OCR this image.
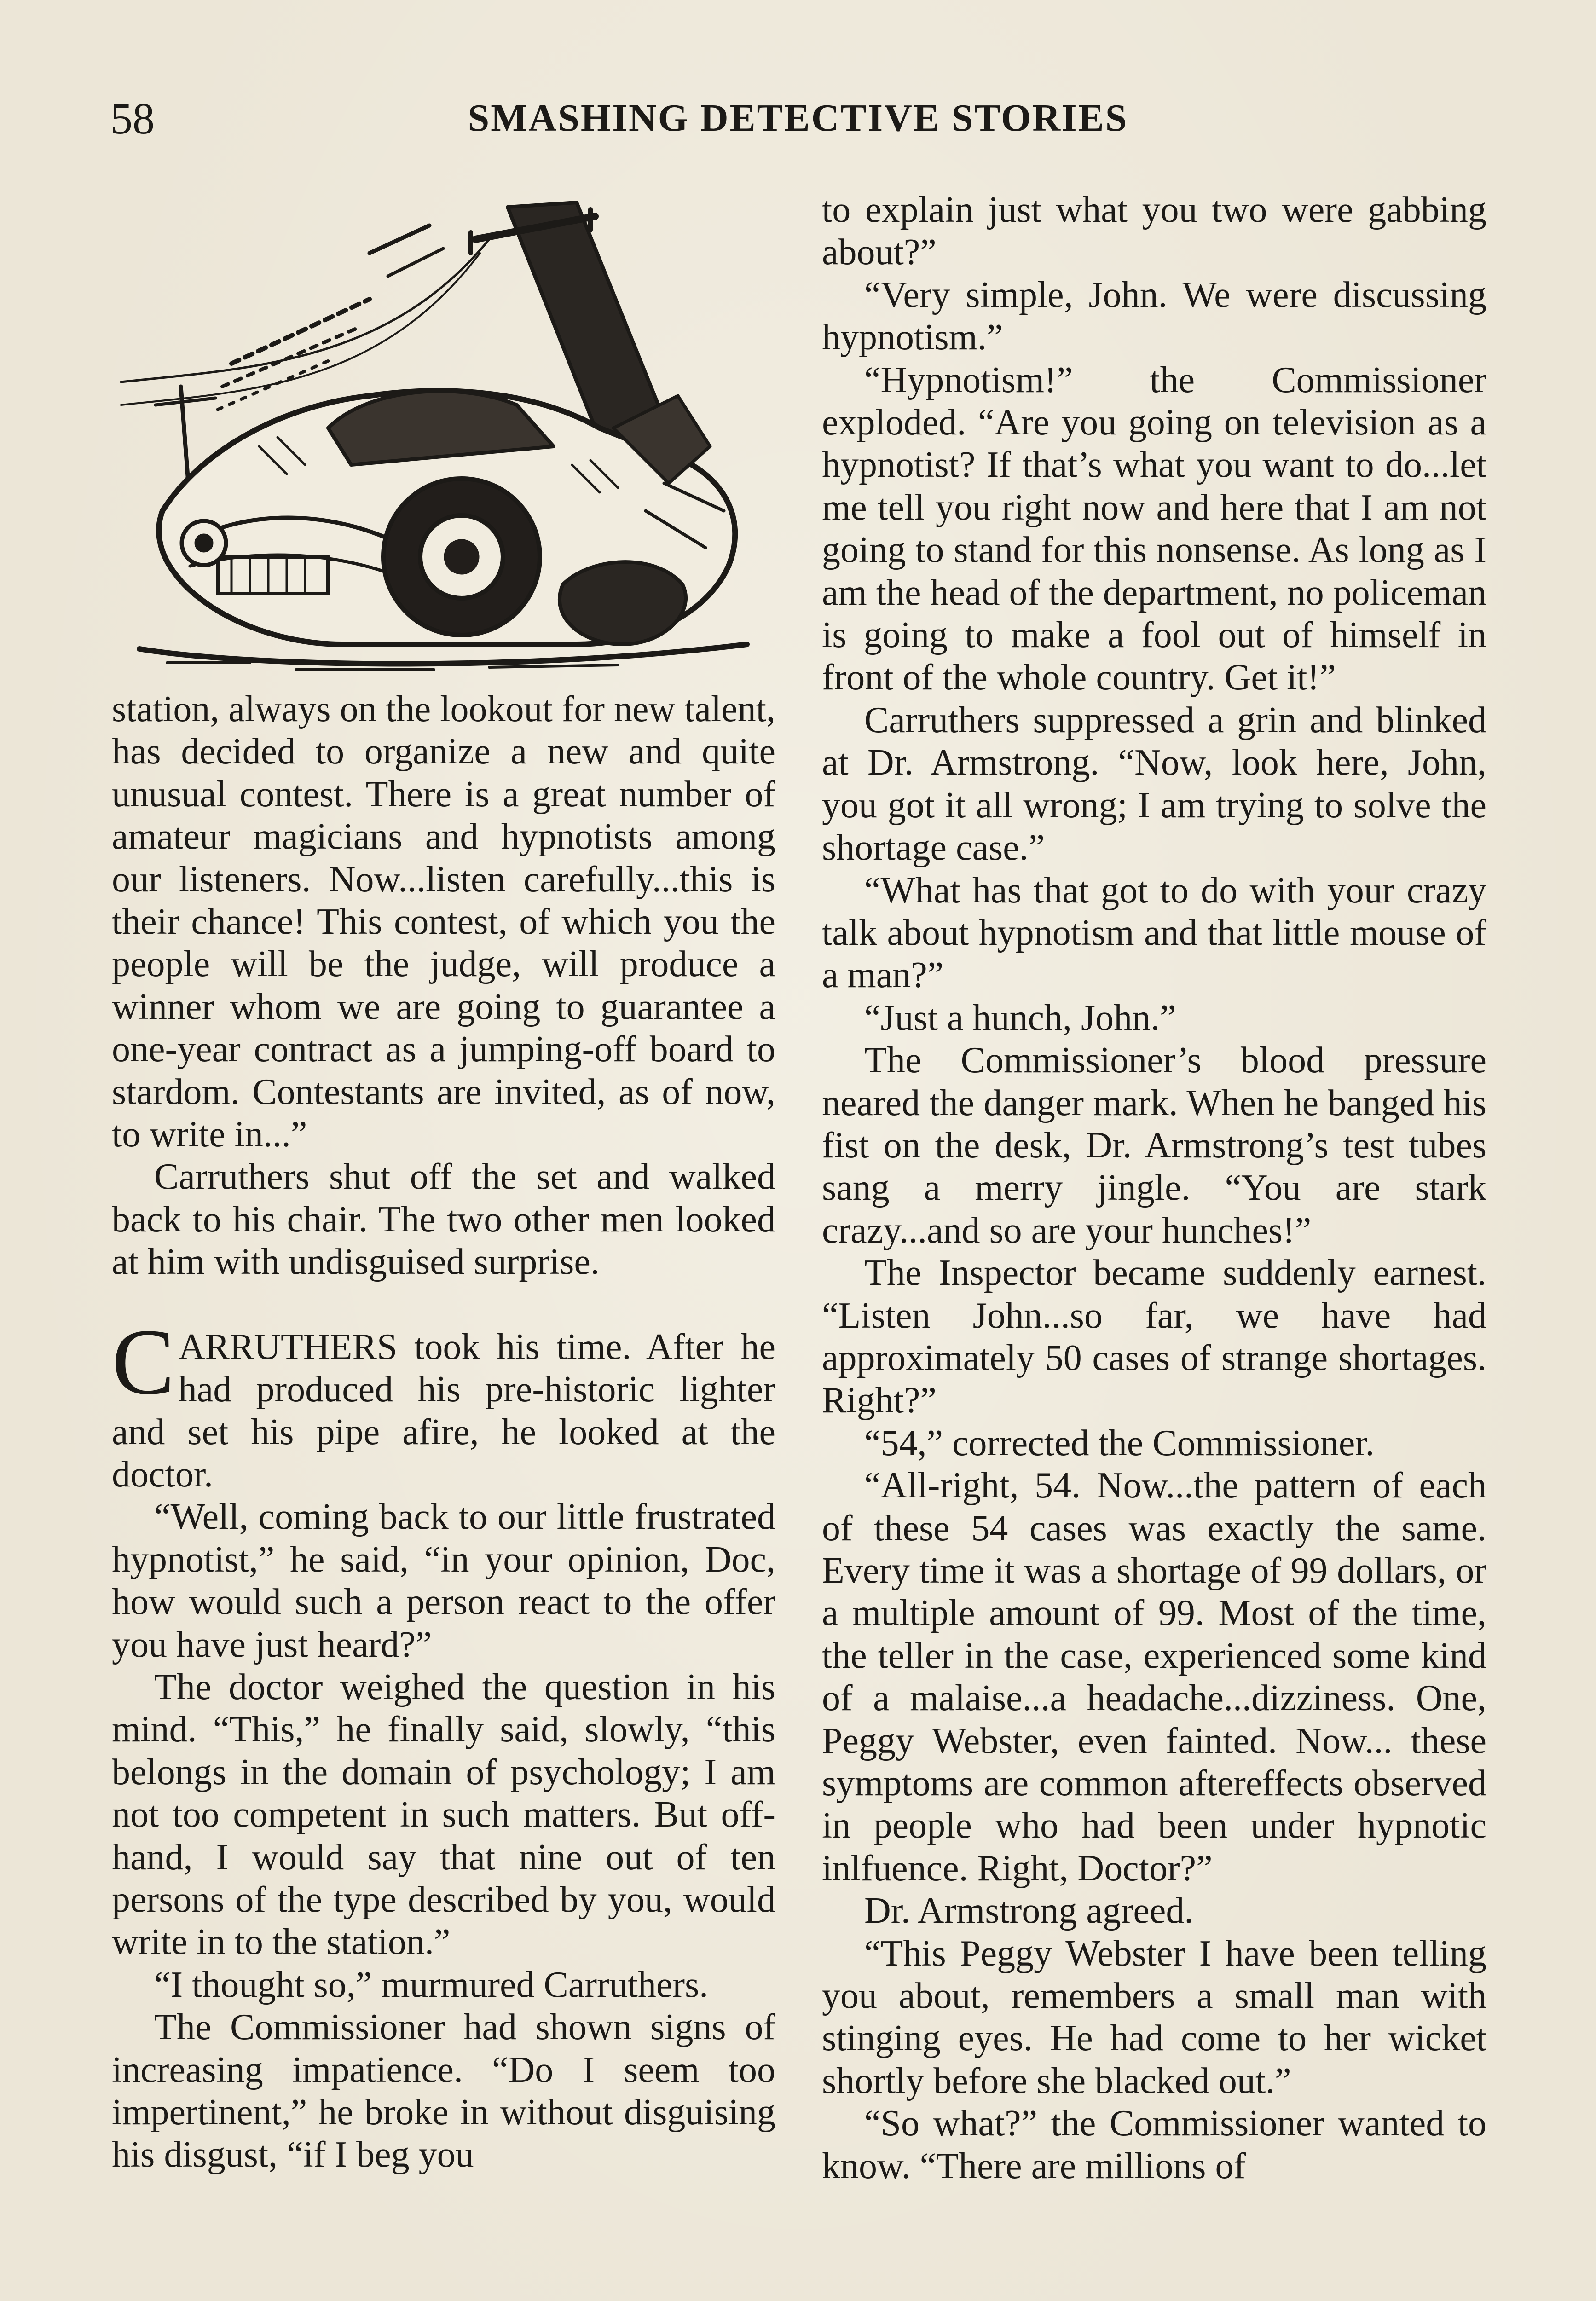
58	SMASHING DETECTIVE STORIES

station, always on the lookout for new talent, has decided to organize a new and quite unusual contest. There is a great number of amateur magicians and hypnotists among our listeners. Now...listen carefully...this is their chance! This contest, of which you the people will be the judge, will produce a winner whom we are going to guarantee a one-year contract as a jumping-off board to stardom. Contestants are invited, as of now, to write in...”

Carruthers shut off the set and walked back to his chair. The two other men looked at him with undisguised surprise.

CARRUTHERS took his time. After he had produced his pre-historic lighter and set his pipe afire, he looked at the doctor.

“Well, coming back to our little frustrated hypnotist,” he said, “in your opinion, Doc, how would such a person react to the offer you have just heard?”

The doctor weighed the question in his mind. “This,” he finally said, slowly, “this belongs in the domain of psychology; I am not too competent in such matters. But off-hand, I would say that nine out of ten persons of the type described by you, would write in to the station.”

“I thought so,” murmured Carruthers.

The Commissioner had shown signs of increasing impatience. “Do I seem too impertinent,” he broke in without disguising his disgust, “if I beg you

to explain just what you two were gabbing about?”

“Very simple, John. We were discussing hypnotism.”

“Hypnotism!” the Commissioner exploded. “Are you going on television as a hypnotist? If that’s what you want to do...let me tell you right now and here that I am not going to stand for this nonsense. As long as I am the head of the department, no policeman is going to make a fool out of himself in front of the whole country. Get it!”

Carruthers suppressed a grin and blinked at Dr. Armstrong. “Now, look here, John, you got it all wrong; I am trying to solve the shortage case.”

“What has that got to do with your crazy talk about hypnotism and that little mouse of a man?”

“Just a hunch, John.”

The Commissioner’s blood pressure neared the danger mark. When he banged his fist on the desk, Dr. Armstrong’s test tubes sang a merry jingle. “You are stark crazy...and so are your hunches!”

The Inspector became suddenly earnest. “Listen John...so far, we have had approximately 50 cases of strange shortages. Right?”

“54,” corrected the Commissioner.

“All-right, 54. Now...the pattern of each of these 54 cases was exactly the same. Every time it was a shortage of 99 dollars, or a multiple amount of 99. Most of the time, the teller in the case, experienced some kind of a malaise...a headache...dizziness. One, Peggy Webster, even fainted. Now... these symptoms are common aftereffects observed in people who had been under hypnotic inlfuence. Right, Doctor?”

Dr. Armstrong agreed.

“This Peggy Webster I have been telling you about, remembers a small man with stinging eyes. He had come to her wicket shortly before she blacked out.”

“So what?” the Commissioner wanted to know. “There are millions of
